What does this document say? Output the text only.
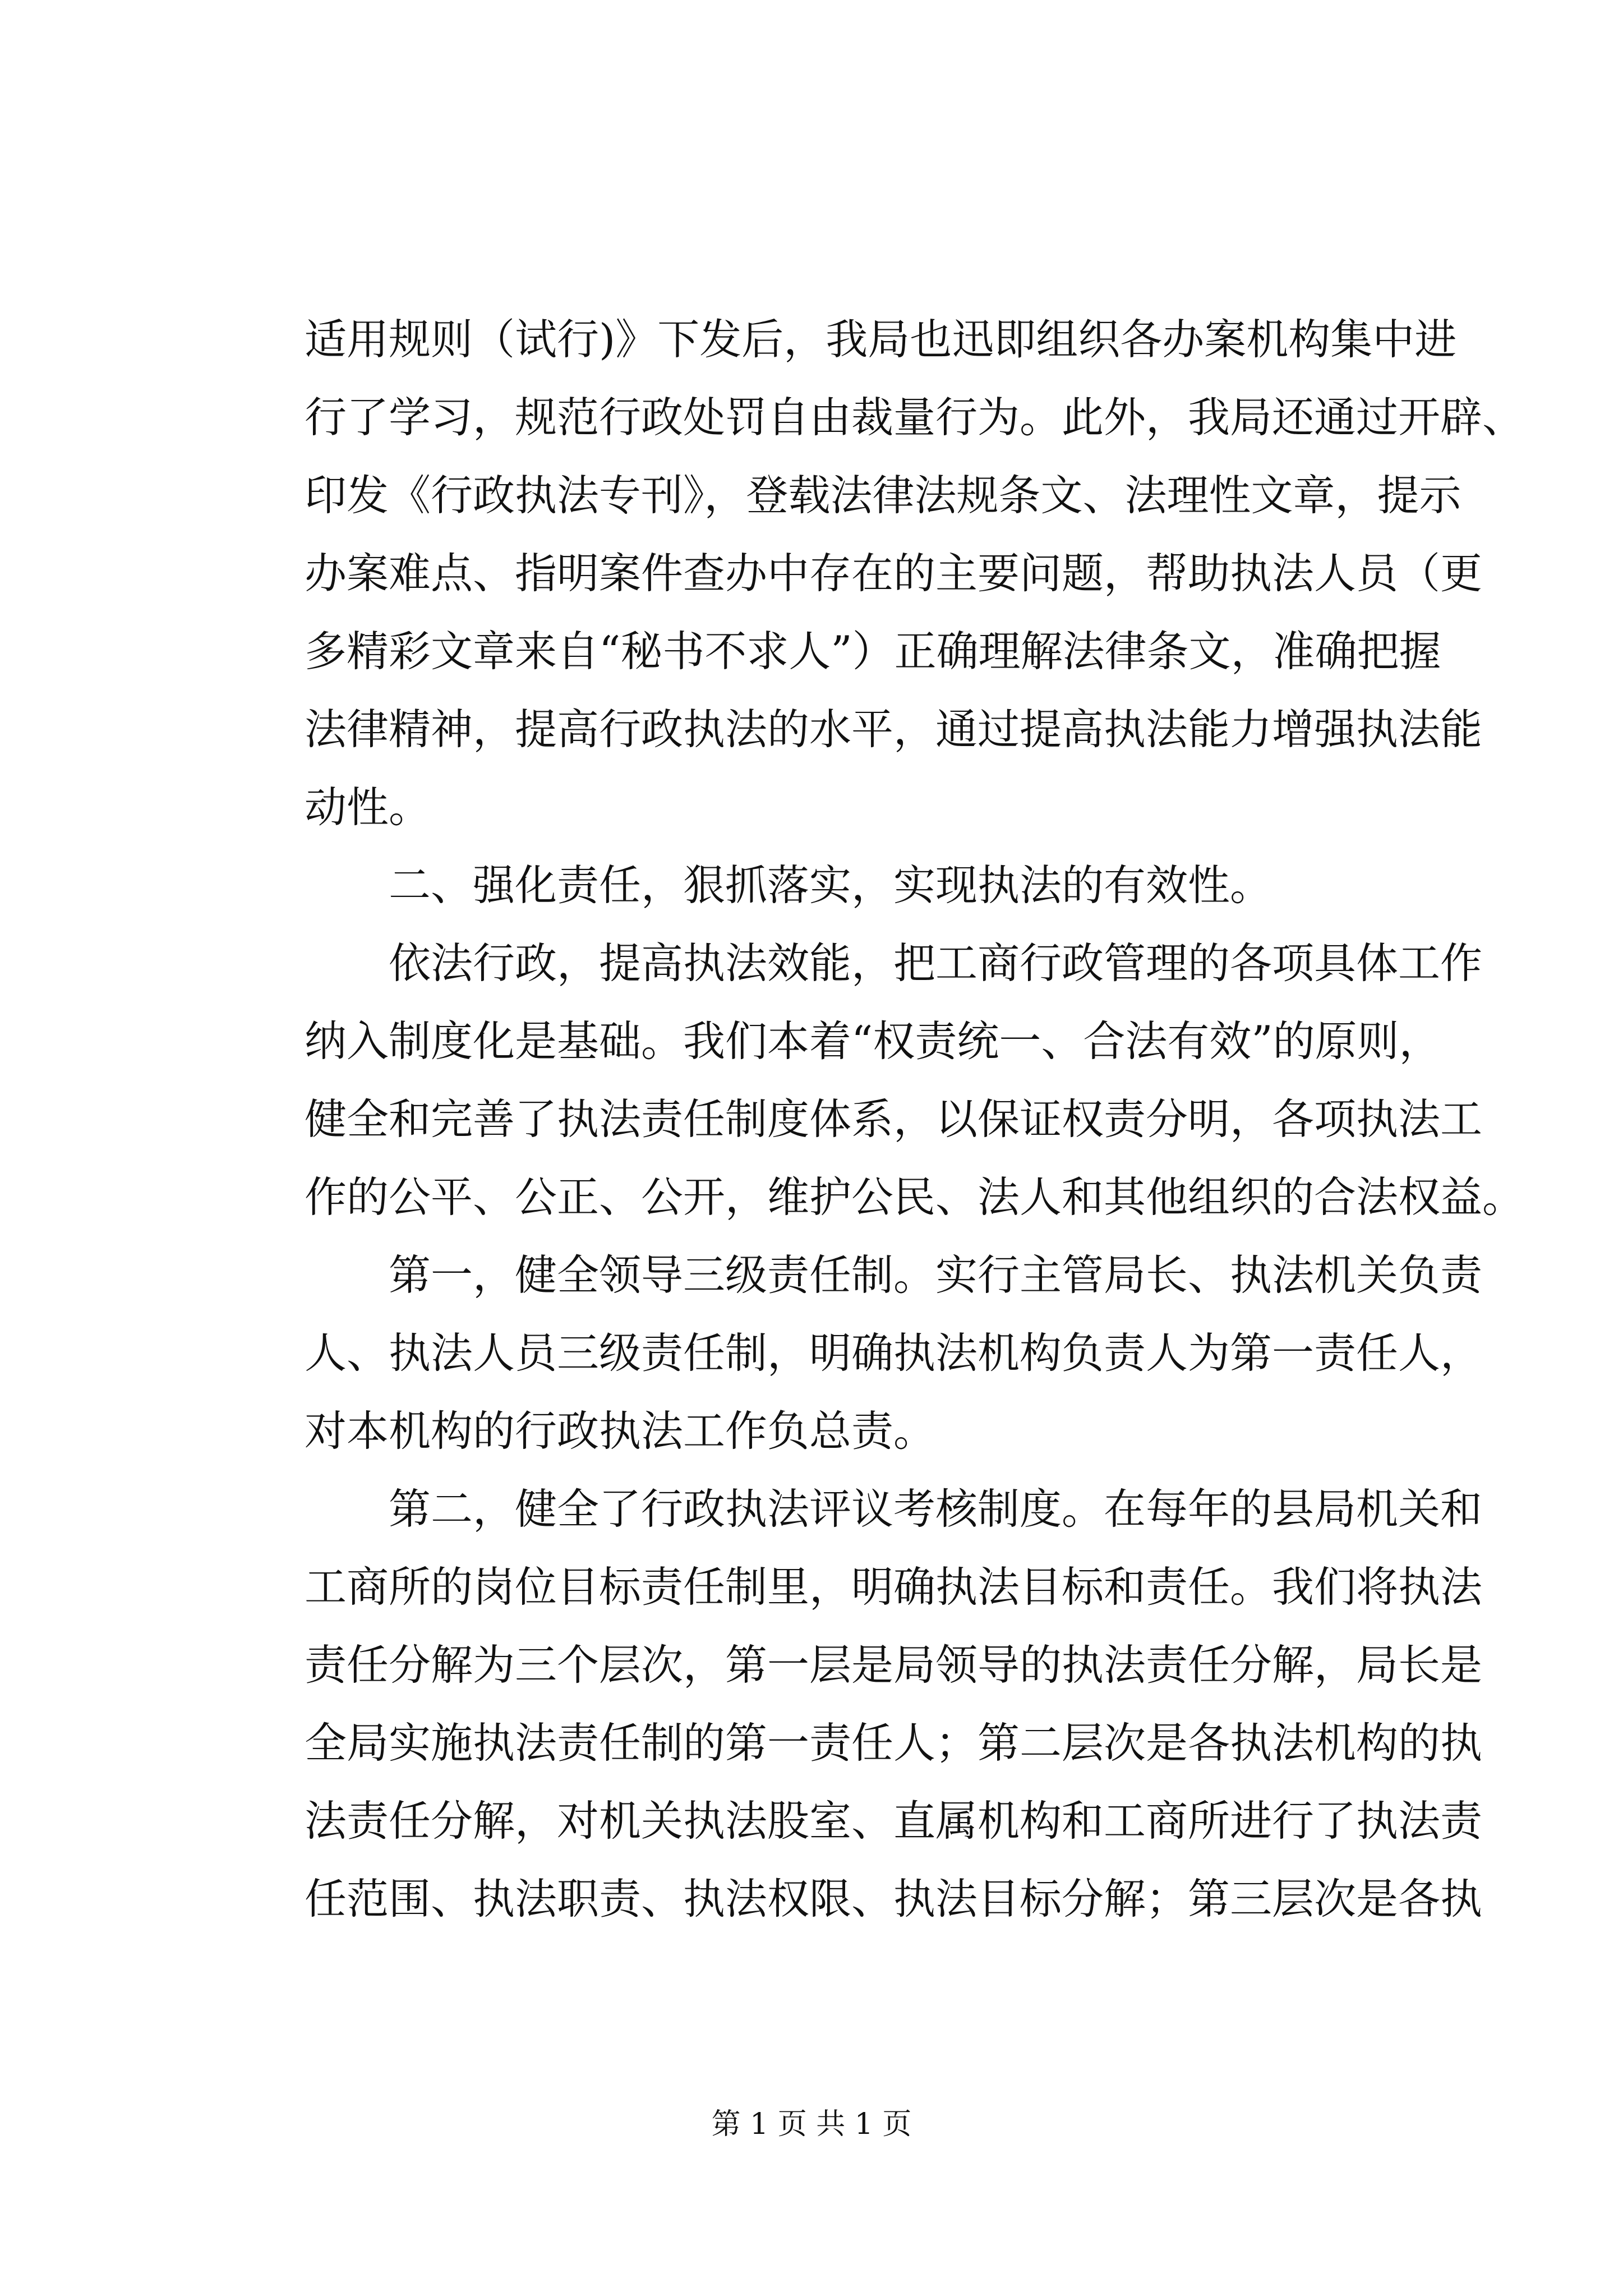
适用规则（试行)》下发后，我局也迅即组织各办案机构集中进
行了学习，规范行政处罚自由裁量行为。此外，我局还通过开辟、
印发《行政执法专刊》，登载法律法规条文、法理性文章，提示
办案难点、指明案件查办中存在的主要问题，帮助执法人员（更
多精彩文章来自“秘书不求人”）正确理解法律条文，准确把握
法律精神，提高行政执法的水平，通过提高执法能力增强执法能
动性。
二、强化责任，狠抓落实，实现执法的有效性。
依法行政，提高执法效能，把工商行政管理的各项具体工作
纳入制度化是基础。我们本着“权责统一、合法有效”的原则，
健全和完善了执法责任制度体系，以保证权责分明，各项执法工
作的公平、公正、公开，维护公民、法人和其他组织的合法权益。
第一，健全领导三级责任制。实行主管局长、执法机关负责
人、执法人员三级责任制，明确执法机构负责人为第一责任人，
对本机构的行政执法工作负总责。
第二，健全了行政执法评议考核制度。在每年的县局机关和
工商所的岗位目标责任制里，明确执法目标和责任。我们将执法
责任分解为三个层次，第一层是局领导的执法责任分解，局长是
全局实施执法责任制的第一责任人；第二层次是各执法机构的执
法责任分解，对机关执法股室、直属机构和工商所进行了执法责
任范围、执法职责、执法权限、执法目标分解；第三层次是各执
第 1 页 共 1 页
